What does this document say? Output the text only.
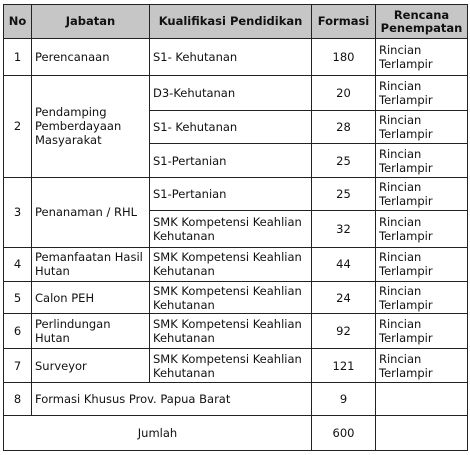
No	Jabatan	Kualifikasi Pendidikan	Formasi	Rencana Penempatan
1	Perencanaan	S1- Kehutanan	180	Rincian Terlampir
2	Pendamping Pemberdayaan Masyarakat	D3-Kehutanan	20	Rincian Terlampir
		S1- Kehutanan	28	Rincian Terlampir
		S1-Pertanian	25	Rincian Terlampir
3	Penanaman / RHL	S1-Pertanian	25	Rincian Terlampir
		SMK Kompetensi Keahlian Kehutanan	32	Rincian Terlampir
4	Pemanfaatan Hasil Hutan	SMK Kompetensi Keahlian Kehutanan	44	Rincian Terlampir
5	Calon PEH	SMK Kompetensi Keahlian Kehutanan	24	Rincian Terlampir
6	Perlindungan Hutan	SMK Kompetensi Keahlian Kehutanan	92	Rincian Terlampir
7	Surveyor	SMK Kompetensi Keahlian Kehutanan	121	Rincian Terlampir
8	Formasi Khusus Prov. Papua Barat		9	
Jumlah			600	
